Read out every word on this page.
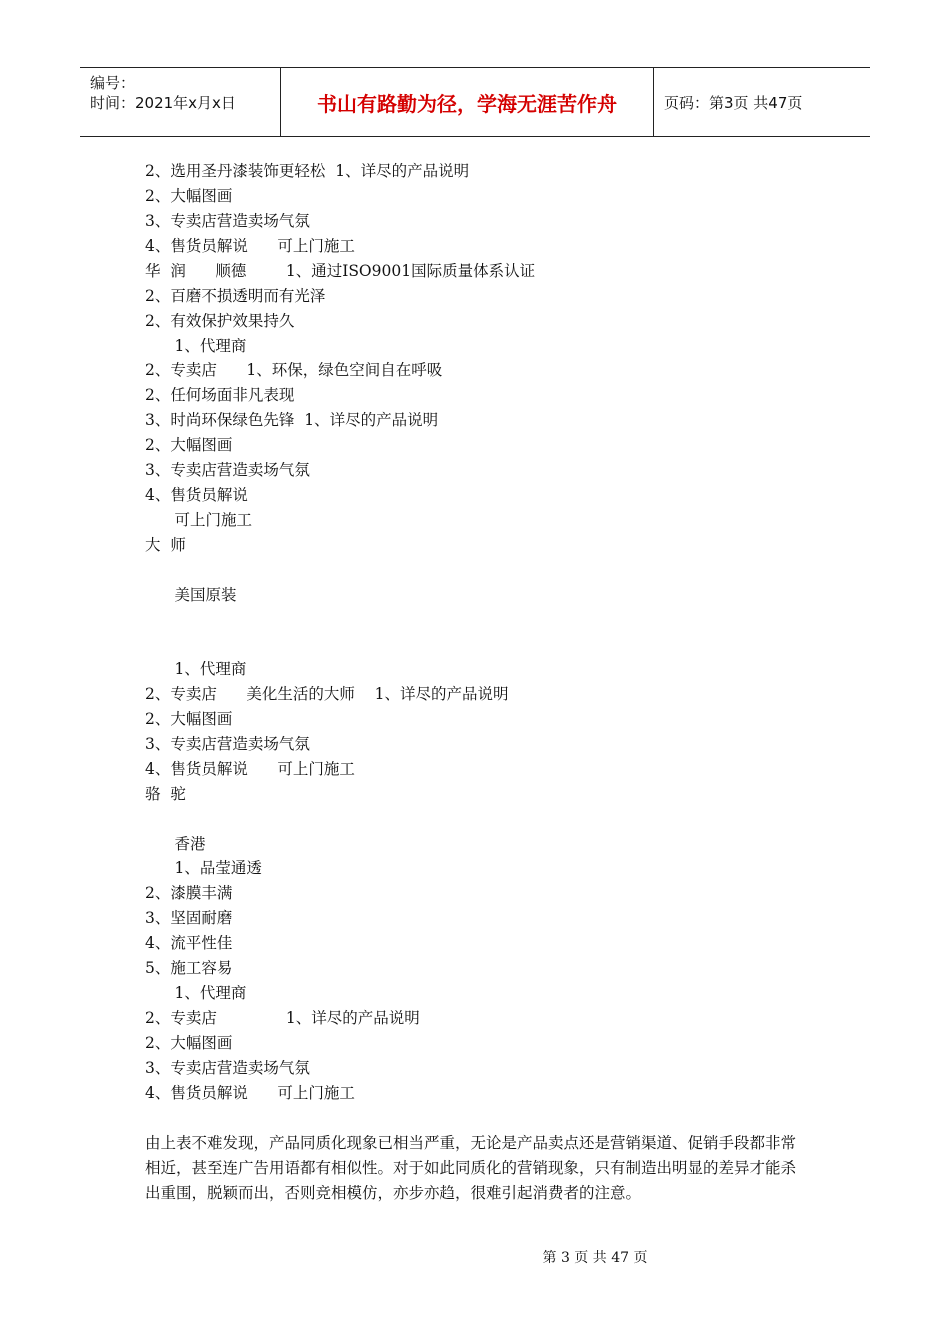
编号：
时间：2021年x月x日	书山有路勤为径，学海无涯苦作舟	页码：第3页 共47页
2、选用圣丹漆装饰更轻松  1、详尽的产品说明
2、大幅图画
3、专卖店营造卖场气氛
4、售货员解说      可上门施工
华  润      顺德        1、通过ISO9001国际质量体系认证
2、百磨不损透明而有光泽
2、有效保护效果持久
1、代理商
2、专卖店      1、环保，绿色空间自在呼吸
2、任何场面非凡表现
3、时尚环保绿色先锋  1、详尽的产品说明
2、大幅图画
3、专卖店营造卖场气氛
4、售货员解说
可上门施工
大  师
美国原装
1、代理商
2、专卖店      美化生活的大师    1、详尽的产品说明
2、大幅图画
3、专卖店营造卖场气氛
4、售货员解说      可上门施工
骆  驼
香港
1、品莹通透
2、漆膜丰满
3、坚固耐磨
4、流平性佳
5、施工容易
1、代理商
2、专卖店              1、详尽的产品说明
2、大幅图画
3、专卖店营造卖场气氛
4、售货员解说      可上门施工
由上表不难发现，产品同质化现象已相当严重，无论是产品卖点还是营销渠道、促销手段都非常相近，甚至连广告用语都有相似性。对于如此同质化的营销现象，只有制造出明显的差异才能杀出重围，脱颖而出，否则竞相模仿，亦步亦趋，很难引起消费者的注意。
第 3 页 共 47 页
